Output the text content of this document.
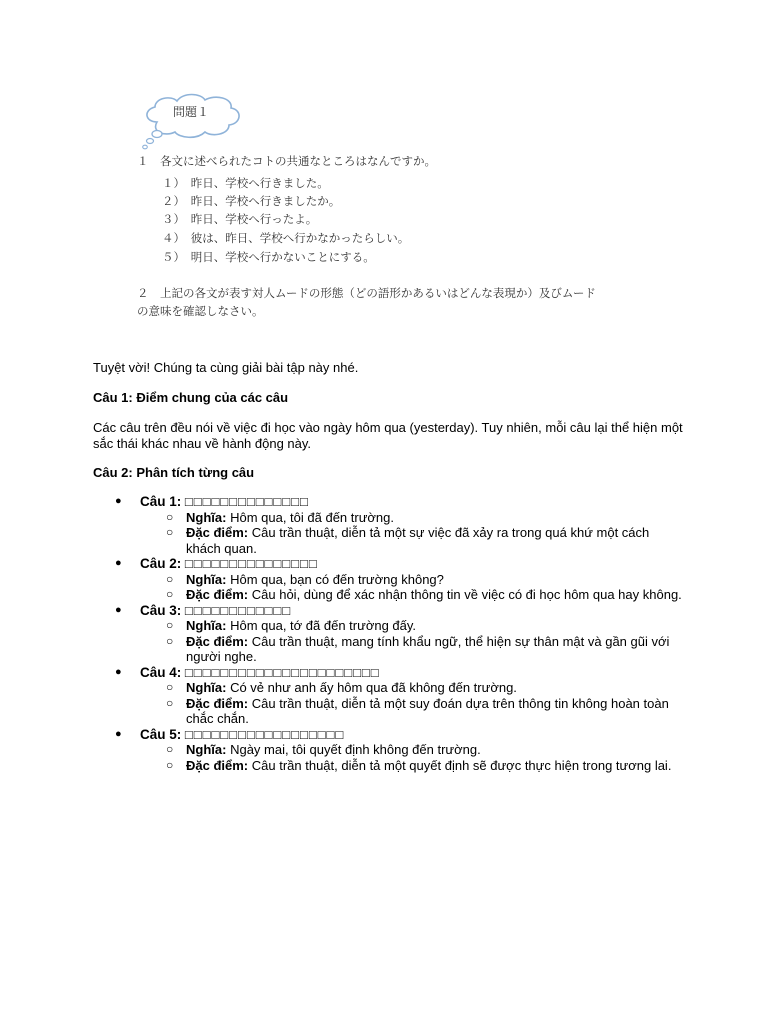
問題１
１　各文に述べられたコトの共通なところはなんですか。
１）　昨日、学校へ行きました。
２）　昨日、学校へ行きましたか。
３）　昨日、学校へ行ったよ。
４）　彼は、昨日、学校へ行かなかったらしい。
５）　明日、学校へ行かないことにする。
２　上記の各文が表す対人ムードの形態（どの語形かあるいはどんな表現か）及びムード
の意味を確認しなさい。
Tuyệt vời! Chúng ta cùng giải bài tập này nhé.
Câu 1: Điểm chung của các câu
Các câu trên đều nói về việc đi học vào ngày hôm qua (yesterday). Tuy nhiên, mỗi câu lại thể hiện một sắc thái khác nhau về hành động này.
Câu 2: Phân tích từng câu
● Câu 1: □□□□□□□□□□□□□□
○ Nghĩa: Hôm qua, tôi đã đến trường.
○ Đặc điểm: Câu trần thuật, diễn tả một sự việc đã xảy ra trong quá khứ một cách khách quan.
● Câu 2: □□□□□□□□□□□□□□□
○ Nghĩa: Hôm qua, bạn có đến trường không?
○ Đặc điểm: Câu hỏi, dùng để xác nhận thông tin về việc có đi học hôm qua hay không.
● Câu 3: □□□□□□□□□□□□
○ Nghĩa: Hôm qua, tớ đã đến trường đấy.
○ Đặc điểm: Câu trần thuật, mang tính khẩu ngữ, thể hiện sự thân mật và gần gũi với người nghe.
● Câu 4: □□□□□□□□□□□□□□□□□□□□□□
○ Nghĩa: Có vẻ như anh ấy hôm qua đã không đến trường.
○ Đặc điểm: Câu trần thuật, diễn tả một suy đoán dựa trên thông tin không hoàn toàn chắc chắn.
● Câu 5: □□□□□□□□□□□□□□□□□□
○ Nghĩa: Ngày mai, tôi quyết định không đến trường.
○ Đặc điểm: Câu trần thuật, diễn tả một quyết định sẽ được thực hiện trong tương lai.
